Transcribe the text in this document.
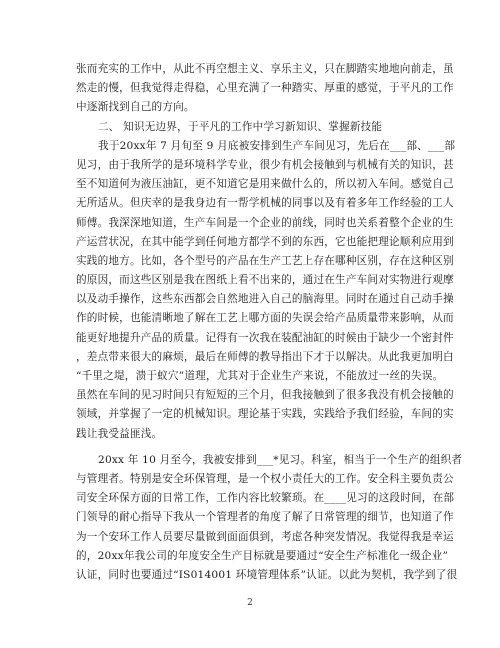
张而充实的工作中，从此不再空想主义、享乐主义，只在脚踏实地地向前走，虽
然走的慢，但我觉得走得稳，心里充满了一种踏实、厚重的感觉，于平凡的工作
中逐渐找到自己的方向。
二、 知识无边界，于平凡的工作中学习新知识、掌握新技能
我于20xx年 7 月旬至 9 月底被安排到生产车间见习，先后在___部、___部
见习，由于我所学的是环境科学专业，很少有机会接触到与机械有关的知识，甚
至不知道何为液压油缸，更不知道它是用来做什么的，所以初入车间。感觉自己
无所适从。但庆幸的是我身边有一帮学机械的同事以及有着多年工作经验的工人
师傅。我深深地知道，生产车间是一个企业的前线，同时也关系着整个企业的生
产运营状况，在其中能学到任何地方都学不到的东西，它也能把理论顺利应用到
实践的地方。比如，各个型号的产品在生产工艺上存在哪种区别，存在这种区别
的原因，而这些区别是我在图纸上看不出来的，通过在生产车间对实物进行观摩
以及动手操作，这些东西都会自然地进入自己的脑海里。同时在通过自己动手操
作的时候，也能清晰地了解在工艺上哪方面的失误会给产品质量带来影响，从而
能更好地提升产品的质量。记得有一次我在装配油缸的时候由于缺少一个密封件
，差点带来很大的麻烦，最后在师傅的教导指出下才于以解决。从此我更加明白
“千里之堤，溃于蚁穴”道理，尤其对于企业生产来说，不能放过一丝的失误。
虽然在车间的见习时间只有短短的三个月，但我接触到了很多我没有机会接触的
领域，并掌握了一定的机械知识。理论基于实践，实践给予我们经验，车间的实
践让我受益匪浅。
20xx 年 10 月至今，我被安排到___*见习。科室，相当于一个生产的组织者
与管理者。特别是安全环保管理，是一个权小责任大的工作。安全科主要负责公
司安全环保方面的日常工作，工作内容比较繁琐。在____见习的这段时间，在部
门领导的耐心指导下我从一个管理者的角度了解了日常管理的细节，也知道了作
为一个安环工作人员要尽量做到面面俱到，考虑各种突发情况。我觉得我是幸运
的，20xx年我公司的年度安全生产目标就是要通过“安全生产标准化一级企业”
认证，同时也要通过“IS014001 环境管理体系”认证。以此为契机，我学到了很
2
